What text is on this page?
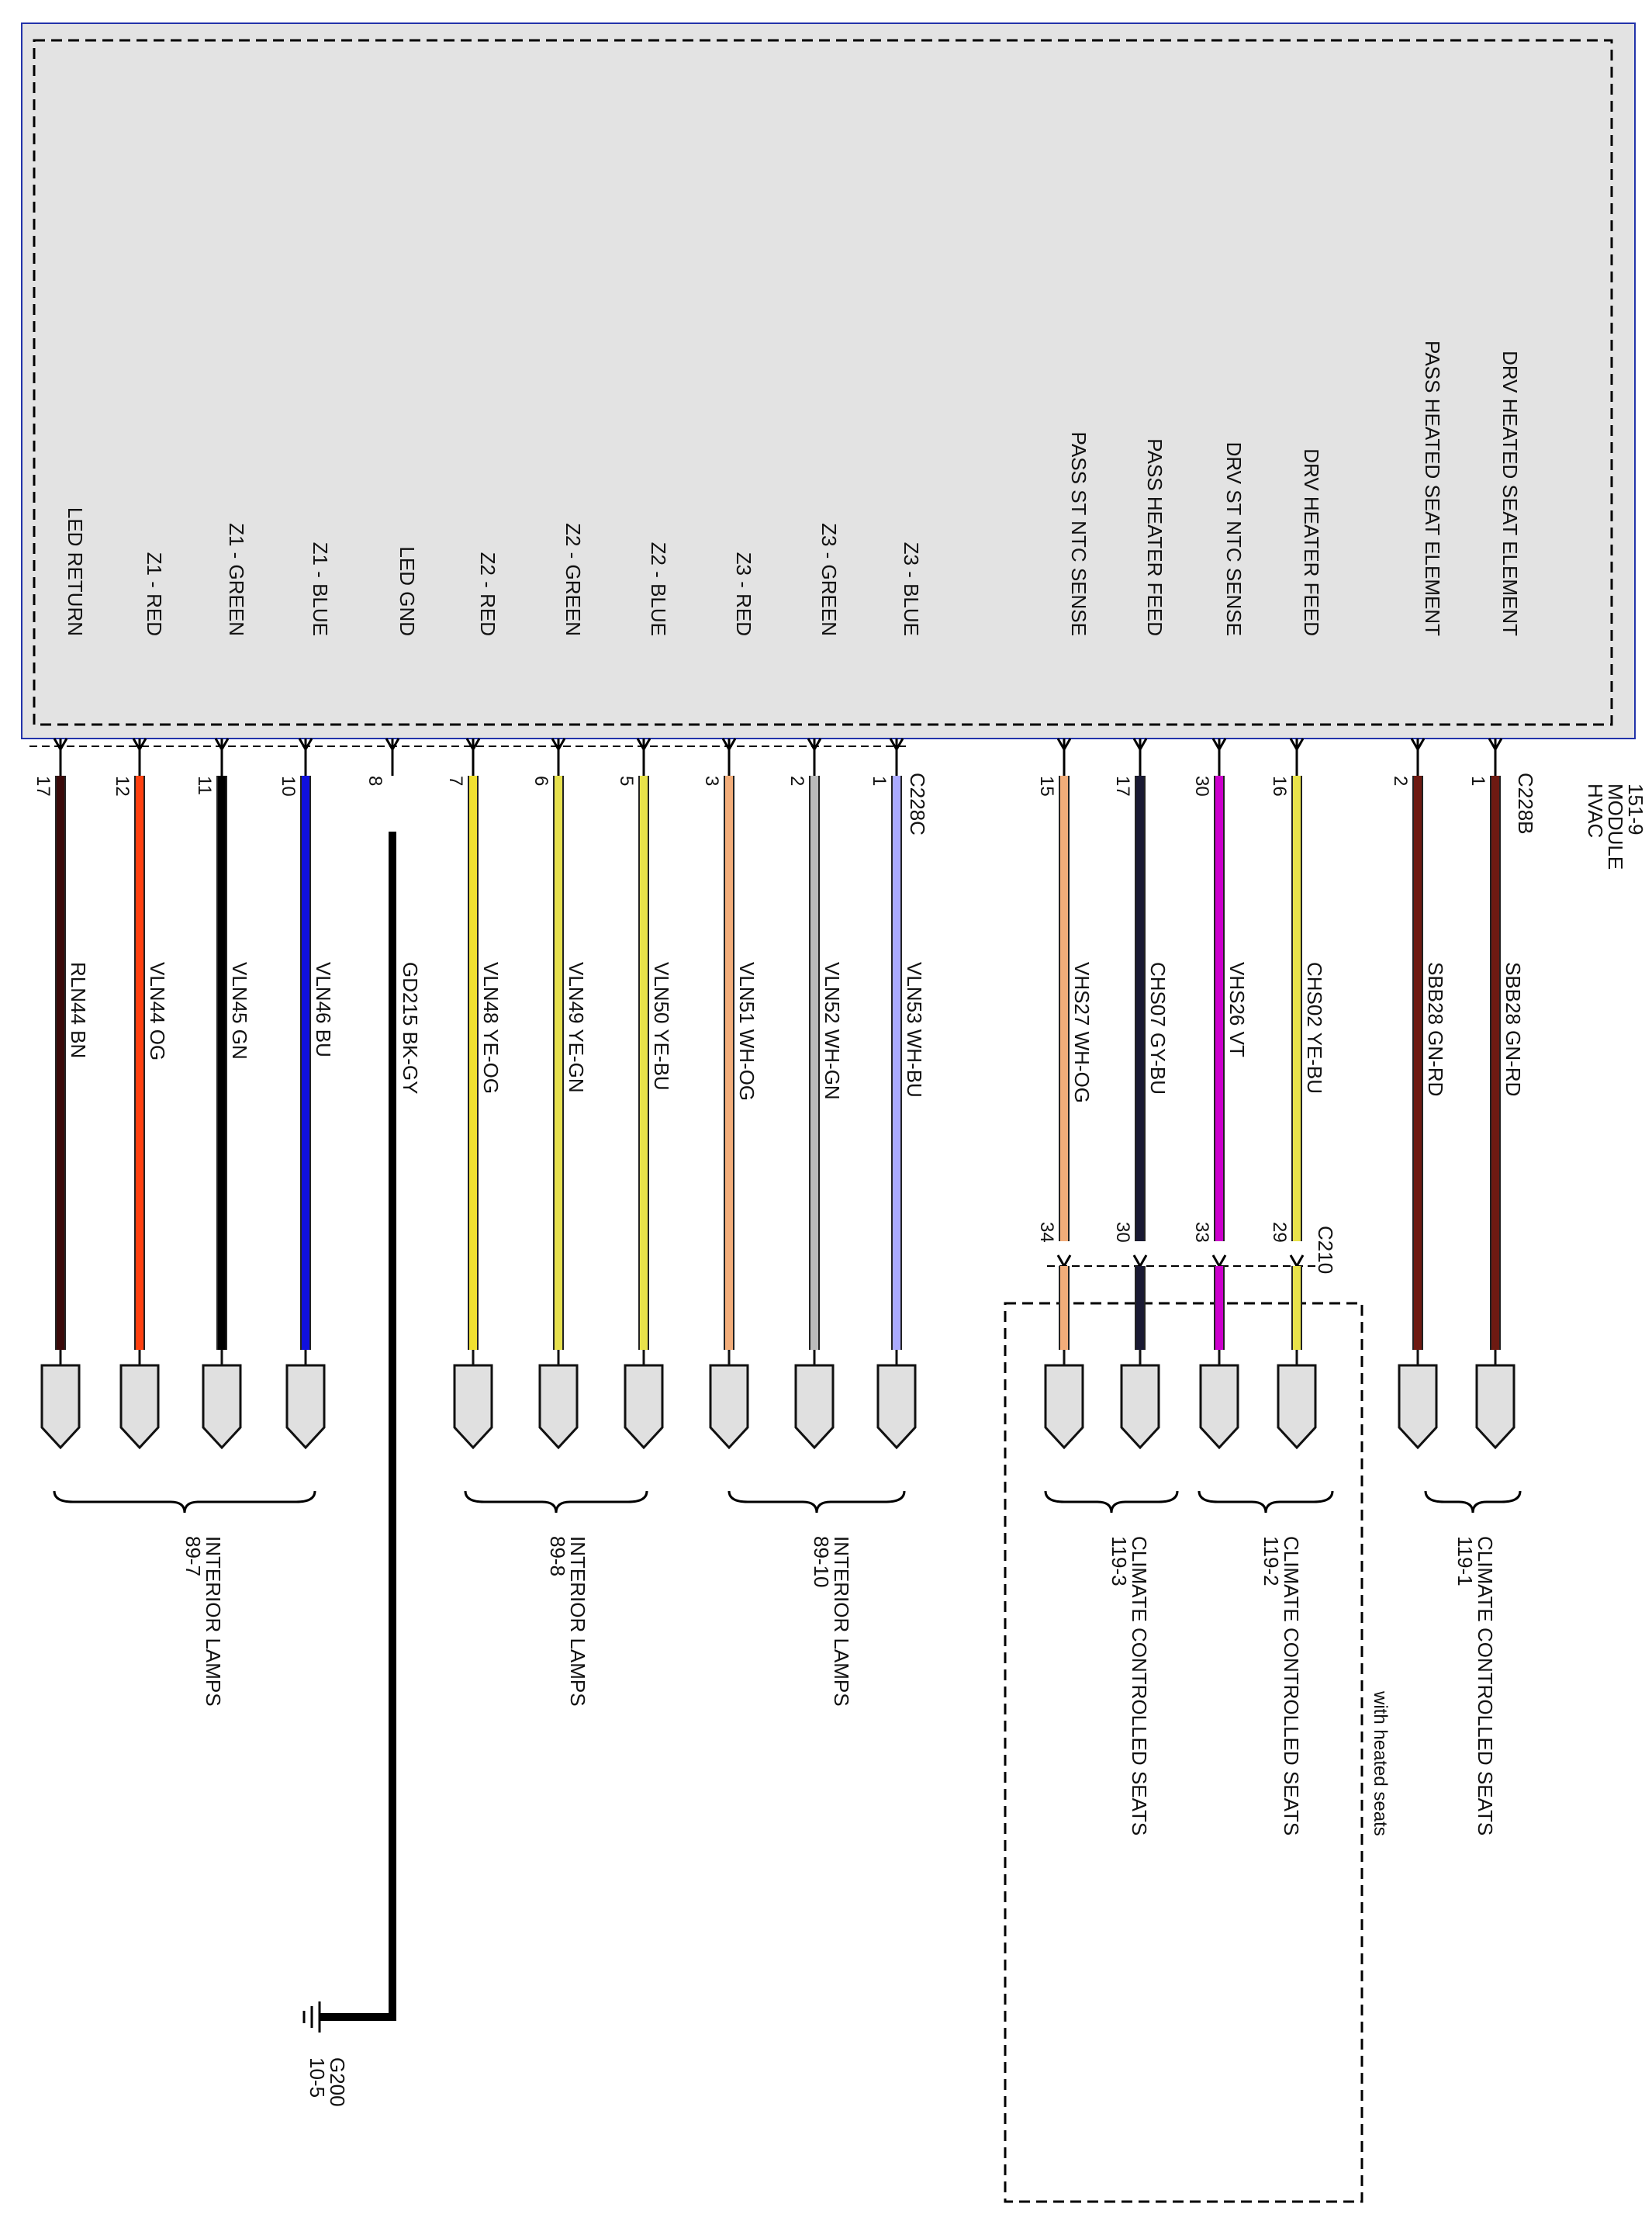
HVAC
MODULE
151-9
C228B
C228C
C210
with heated seats
DRV HEATED SEAT ELEMENT
1
SBB28 GN-RD
PASS HEATED SEAT ELEMENT
2
SBB28 GN-RD
DRV HEATER FEED
16
CHS02 YE-BU
29
DRV ST NTC SENSE
30
VHS26 VT
33
PASS HEATER FEED
17
CHS07 GY-BU
30
PASS ST NTC SENSE
15
VHS27 WH-OG
34
Z3 - BLUE
1
VLN53 WH-BU
Z3 - GREEN
2
VLN52 WH-GN
Z3 - RED
3
VLN51 WH-OG
Z2 - BLUE
5
VLN50 YE-BU
Z2 - GREEN
6
VLN49 YE-GN
Z2 - RED
7
VLN48 YE-OG
LED GND
8
GD215 BK-GY
Z1 - BLUE
10
VLN46 BU
Z1 - GREEN
11
VLN45 GN
Z1 - RED
12
VLN44 OG
LED RETURN
17
RLN44 BN
CLIMATE CONTROLLED SEATS
119-1
CLIMATE CONTROLLED SEATS
119-2
CLIMATE CONTROLLED SEATS
119-3
INTERIOR LAMPS
89-10
INTERIOR LAMPS
89-8
INTERIOR LAMPS
89-7
G200
10-5
